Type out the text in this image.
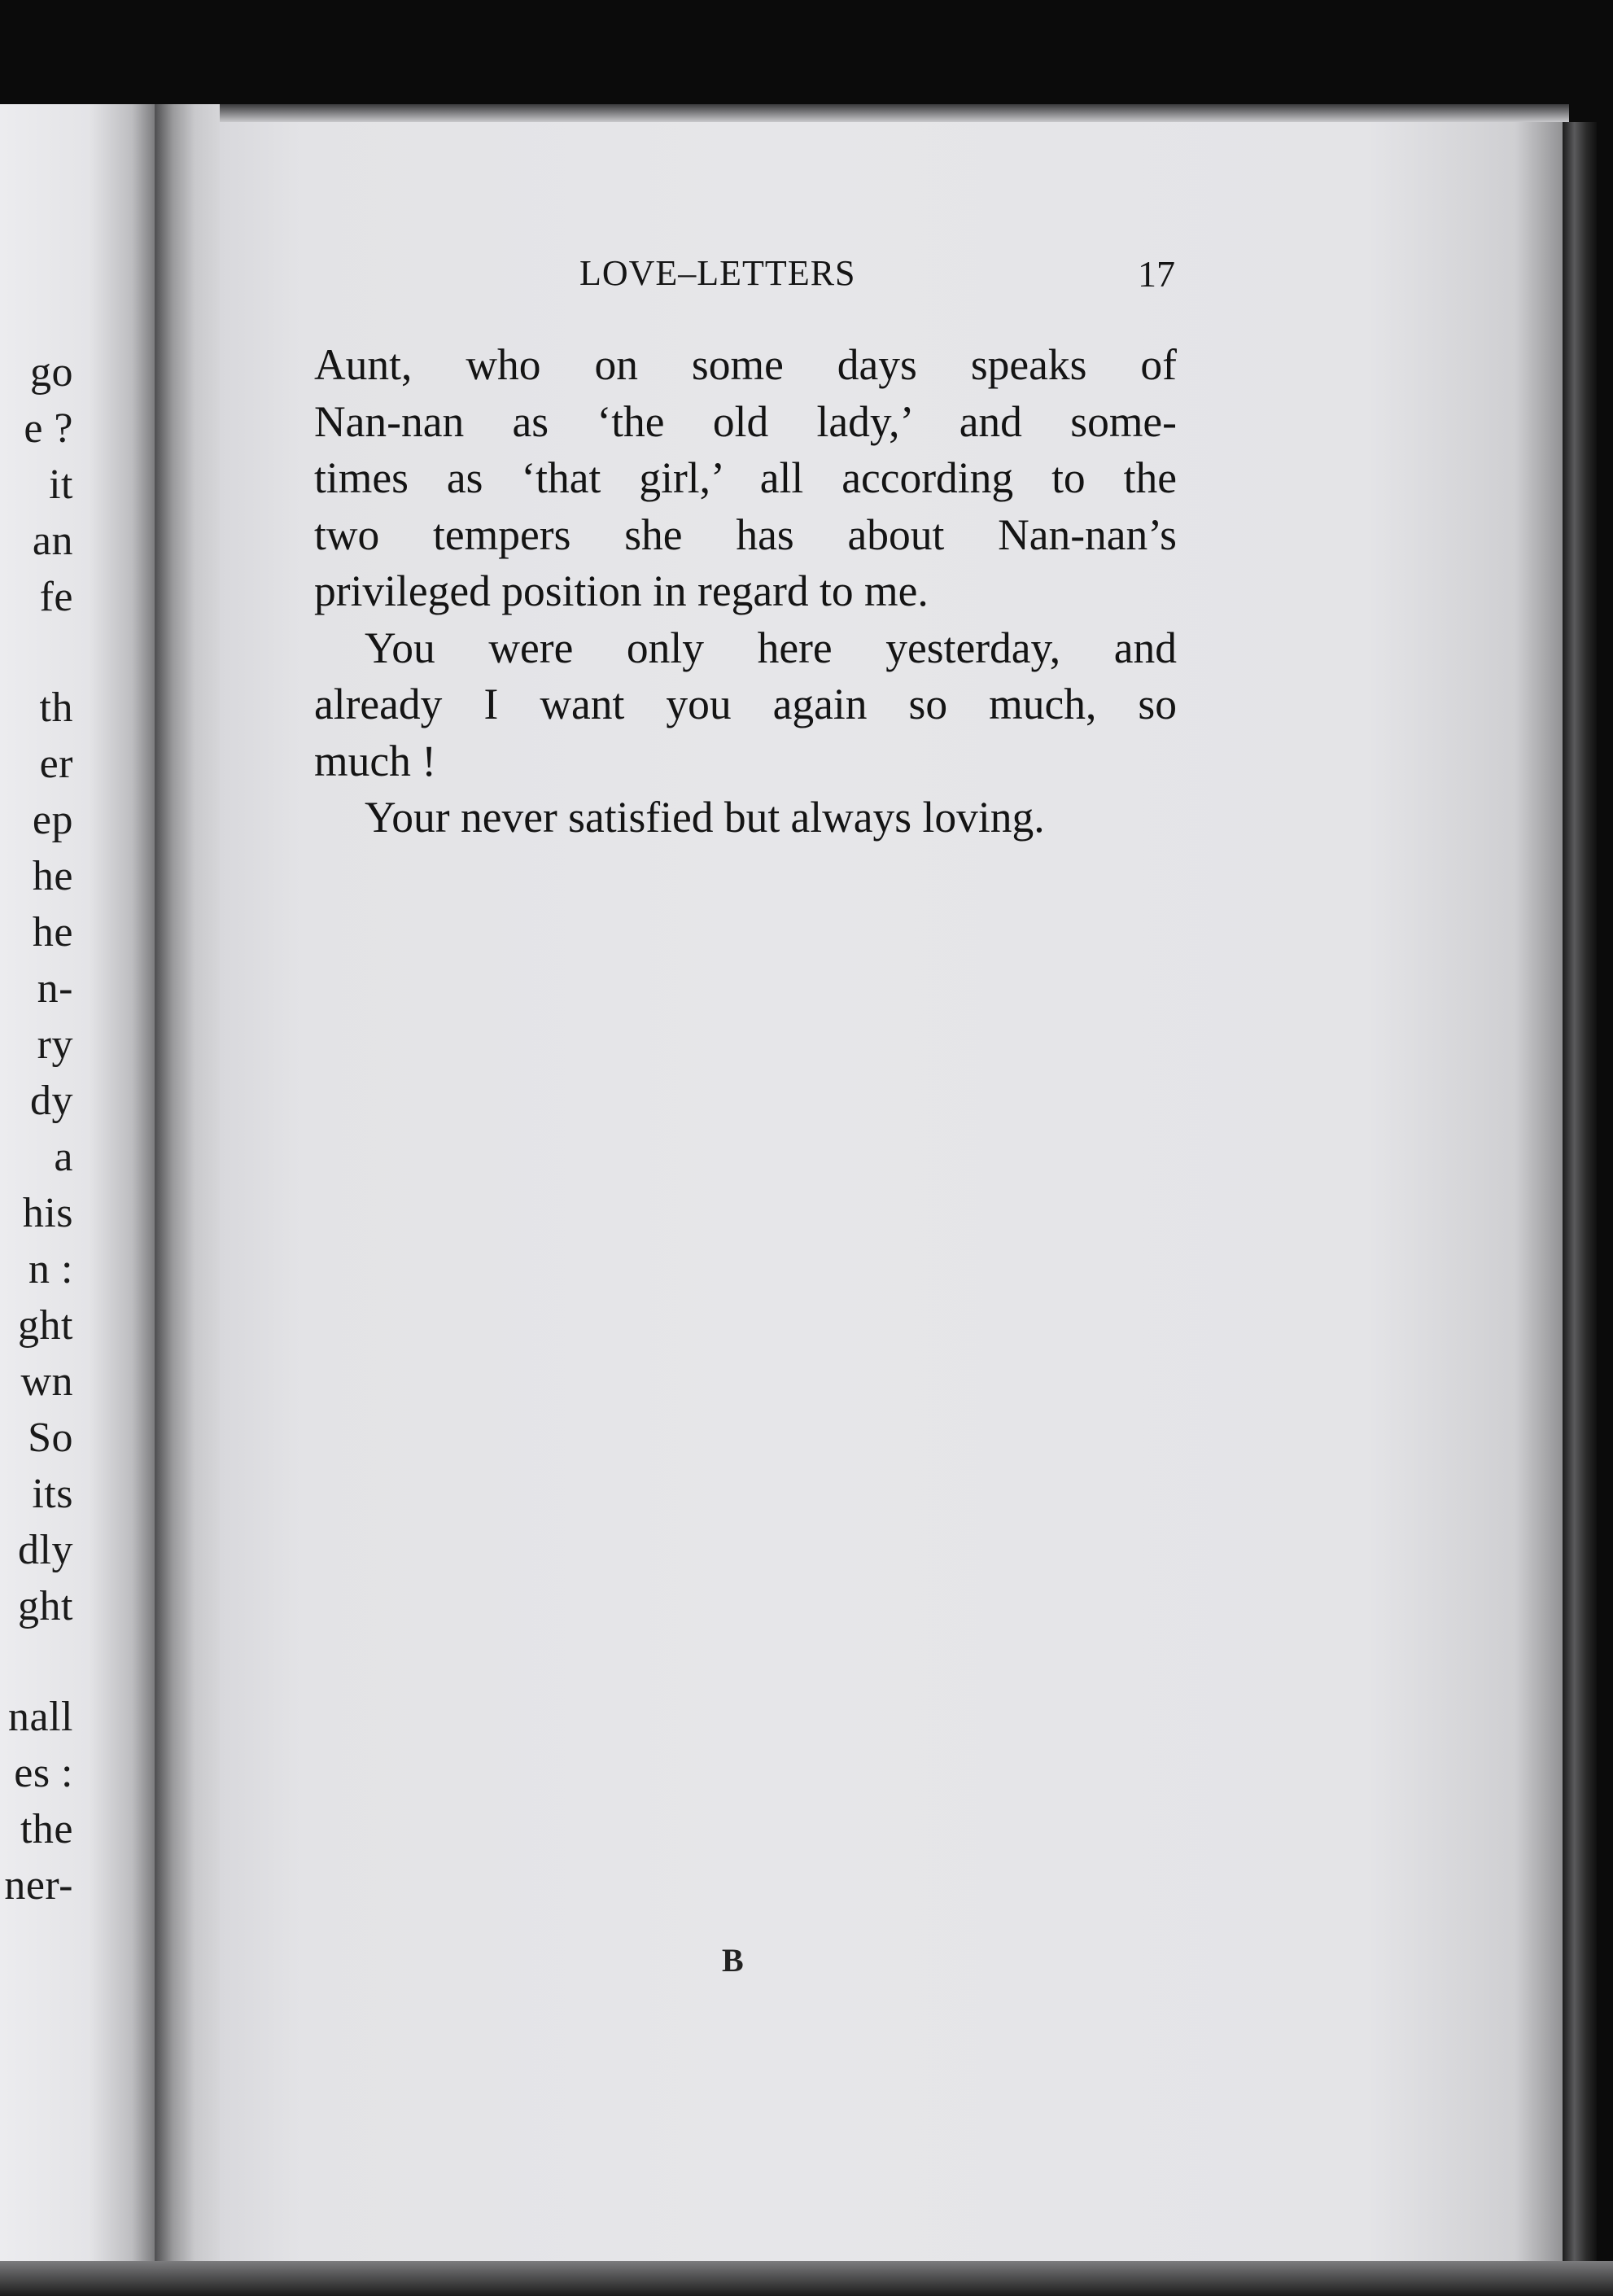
go
e ?
it
an
fe
th
er
ep
he
he
n-
ry
dy
a
his
n :
ght
wn
So
its
dly
ght
nall
es :
the
ner-
LOVE–LETTERS	17
Aunt, who on some days speaks of
Nan-nan as ‘the old lady,’ and some-
times as ‘that girl,’ all according to the
two tempers she has about Nan-nan’s
privileged position in regard to me.
You were only here yesterday, and
already I want you again so much, so
much !
Your never satisfied but always loving.
B
